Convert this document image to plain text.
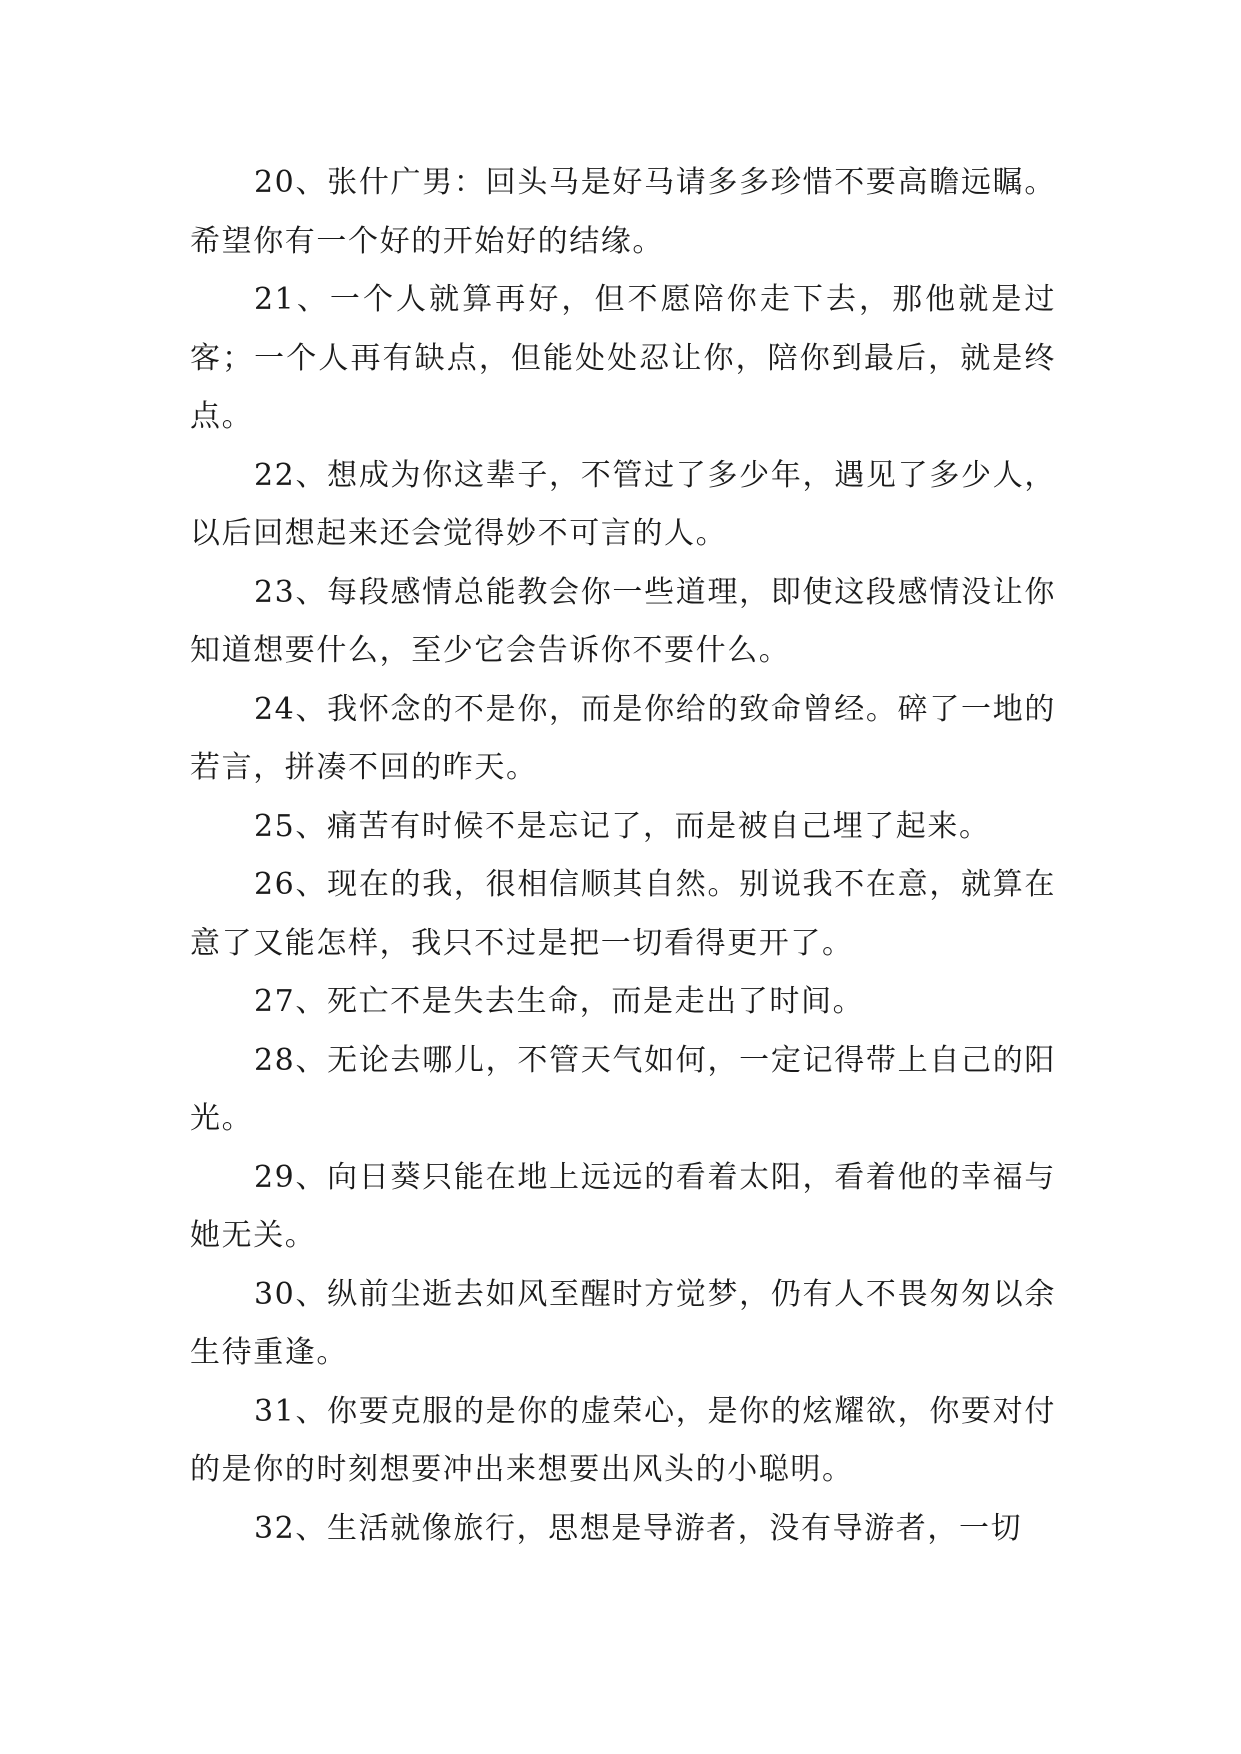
20、张什广男：回头马是好马请多多珍惜不要高瞻远瞩。希望你有一个好的开始好的结缘。

21、一个人就算再好，但不愿陪你走下去，那他就是过客；一个人再有缺点，但能处处忍让你，陪你到最后，就是终点。

22、想成为你这辈子，不管过了多少年，遇见了多少人，以后回想起来还会觉得妙不可言的人。

23、每段感情总能教会你一些道理，即使这段感情没让你知道想要什么，至少它会告诉你不要什么。

24、我怀念的不是你，而是你给的致命曾经。碎了一地的若言，拼凑不回的昨天。

25、痛苦有时候不是忘记了，而是被自己埋了起来。

26、现在的我，很相信顺其自然。别说我不在意，就算在意了又能怎样，我只不过是把一切看得更开了。

27、死亡不是失去生命，而是走出了时间。

28、无论去哪儿，不管天气如何，一定记得带上自己的阳光。

29、向日葵只能在地上远远的看着太阳，看着他的幸福与她无关。

30、纵前尘逝去如风至醒时方觉梦，仍有人不畏匆匆以余生待重逢。

31、你要克服的是你的虚荣心，是你的炫耀欲，你要对付的是你的时刻想要冲出来想要出风头的小聪明。

32、生活就像旅行，思想是导游者，没有导游者，一切
